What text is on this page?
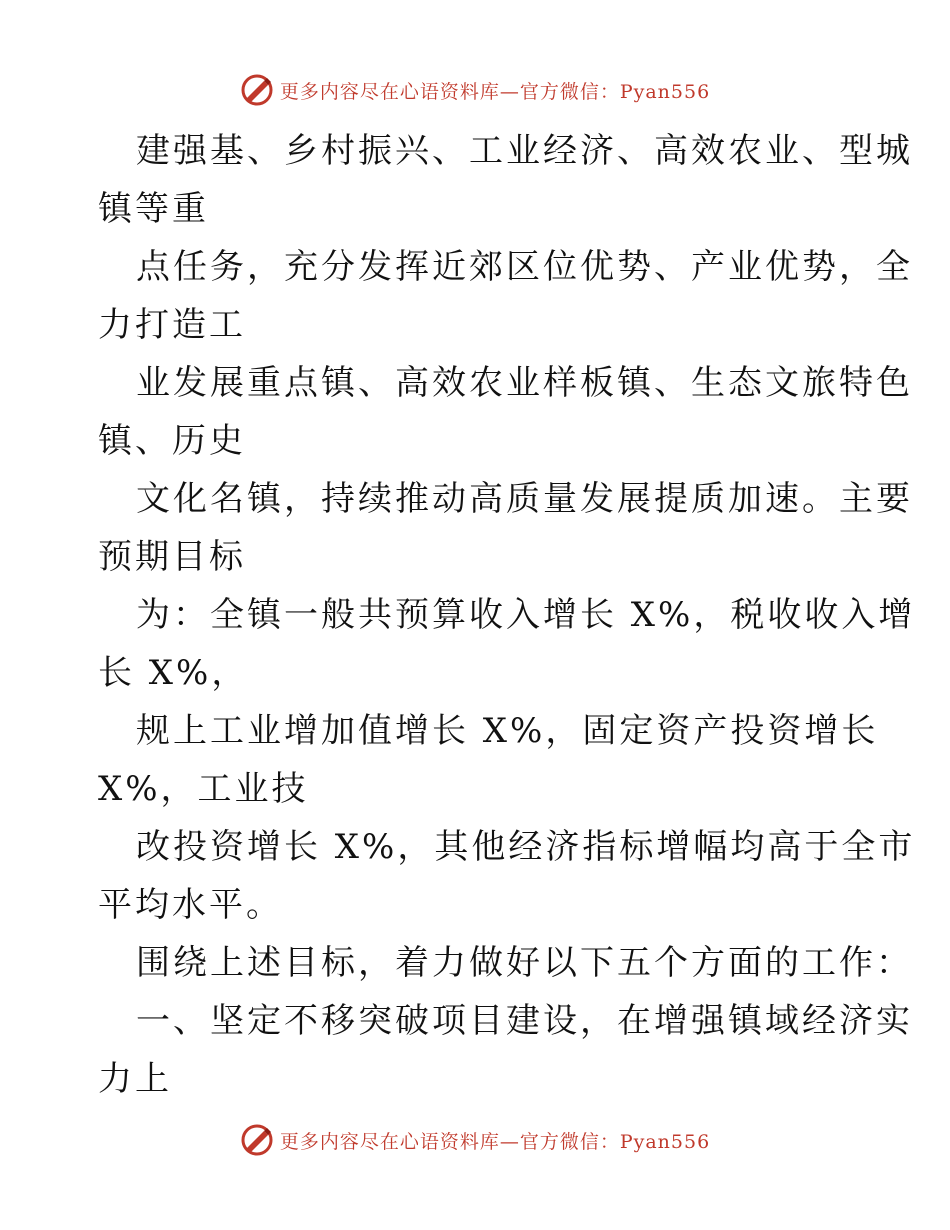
更多内容尽在心语资料库—官方微信：Pyan556
建强基、乡村振兴、工业经济、高效农业、型城
镇等重
点任务，充分发挥近郊区位优势、产业优势，全
力打造工
业发展重点镇、高效农业样板镇、生态文旅特色
镇、历史
文化名镇，持续推动高质量发展提质加速。主要
预期目标
为：全镇一般共预算收入增长 X%，税收收入增
长 X%，
规上工业增加值增长 X%，固定资产投资增长
X%，工业技
改投资增长 X%，其他经济指标增幅均高于全市
平均水平。
围绕上述目标，着力做好以下五个方面的工作：
一、坚定不移突破项目建设，在增强镇域经济实
力上
更多内容尽在心语资料库—官方微信：Pyan556
